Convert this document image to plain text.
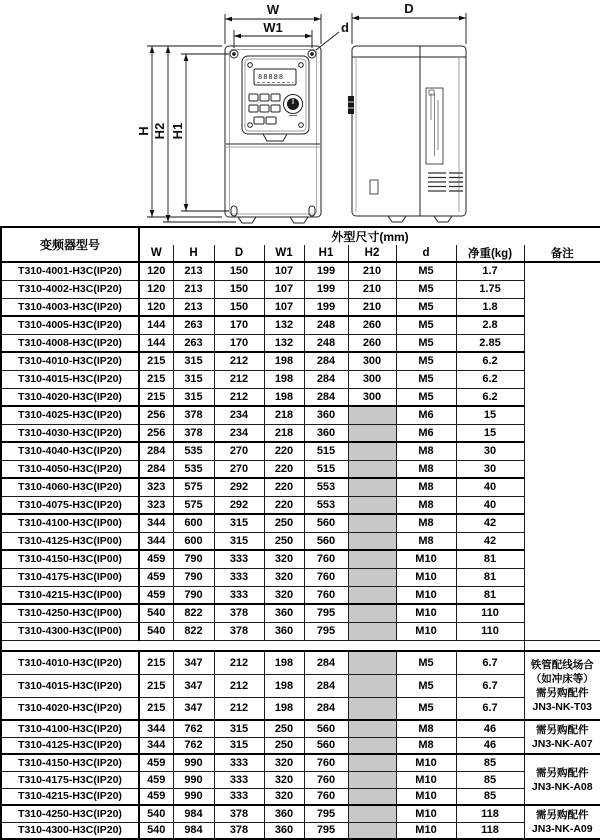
88888
W
W1	d
H H2 H1
D
变频器型号	外型尺寸(mm)								
	W	H	D	W1	H1	H2	d	净重(kg)	备注
T310-4001-H3C(IP20)	120	213	150	107	199	210	M5	1.7	
T310-4002-H3C(IP20)	120	213	150	107	199	210	M5	1.75	
T310-4003-H3C(IP20)	120	213	150	107	199	210	M5	1.8	
T310-4005-H3C(IP20)	144	263	170	132	248	260	M5	2.8	
T310-4008-H3C(IP20)	144	263	170	132	248	260	M5	2.85	
T310-4010-H3C(IP20)	215	315	212	198	284	300	M5	6.2	
T310-4015-H3C(IP20)	215	315	212	198	284	300	M5	6.2	
T310-4020-H3C(IP20)	215	315	212	198	284	300	M5	6.2	
T310-4025-H3C(IP20)	256	378	234	218	360		M6	15	
T310-4030-H3C(IP20)	256	378	234	218	360		M6	15	
T310-4040-H3C(IP20)	284	535	270	220	515		M8	30	
T310-4050-H3C(IP20)	284	535	270	220	515		M8	30	
T310-4060-H3C(IP20)	323	575	292	220	553		M8	40	
T310-4075-H3C(IP20)	323	575	292	220	553		M8	40	
T310-4100-H3C(IP00)	344	600	315	250	560		M8	42	
T310-4125-H3C(IP00)	344	600	315	250	560		M8	42	
T310-4150-H3C(IP00)	459	790	333	320	760		M10	81	
T310-4175-H3C(IP00)	459	790	333	320	760		M10	81	
T310-4215-H3C(IP00)	459	790	333	320	760		M10	81	
T310-4250-H3C(IP00)	540	822	378	360	795		M10	110	
T310-4300-H3C(IP00)	540	822	378	360	795		M10	110	

T310-4010-H3C(IP20)	215	347	212	198	284		M5	6.7	铁管配线场合
（如冲床等）
需另购配件
JN3-NK-T03

T310-4015-H3C(IP20)	215	347	212	198	284		M5	6.7	
T310-4020-H3C(IP20)	215	347	212	198	284		M5	6.7	
T310-4100-H3C(IP20)	344	762	315	250	560		M8	46	需另购配件
JN3-NK-A07

T310-4125-H3C(IP20)	344	762	315	250	560		M8	46	
T310-4150-H3C(IP20)	459	990	333	320	760		M10	85	需另购配件
JN3-NK-A08

T310-4175-H3C(IP20)	459	990	333	320	760		M10	85	
T310-4215-H3C(IP20)	459	990	333	320	760		M10	85	
T310-4250-H3C(IP20)	540	984	378	360	795		M10	118	需另购配件
JN3-NK-A09

T310-4300-H3C(IP20)	540	984	378	360	795		M10	118	
